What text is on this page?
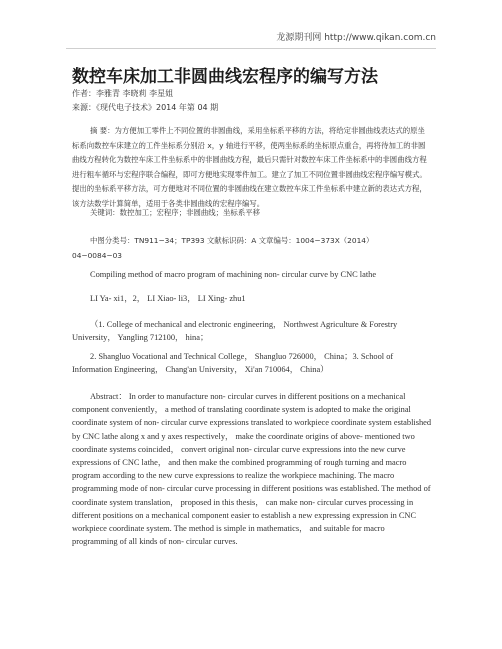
龙源期刊网 http://www.qikan.com.cn
数控车床加工非圆曲线宏程序的编写方法
作者：李雅青 李晓莉 李星姐
来源：《现代电子技术》2014 年第 04 期
摘 要：为方便加工零件上不同位置的非圆曲线，采用坐标系平移的方法，将给定非圆曲线表达式的原坐标系向数控车床建立的工件坐标系分别沿 x，y 轴进行平移，使两坐标系的坐标原点重合，再将待加工的非圆曲线方程转化为数控车床工件坐标系中的非圆曲线方程，最后只需针对数控车床工件坐标系中的非圆曲线方程进行粗车循环与宏程序联合编程，即可方便地实现零件加工。建立了加工不同位置非圆曲线宏程序编写模式。提出的坐标系平移方法，可方便地对不同位置的非圆曲线在建立数控车床工件坐标系中建立新的表达式方程，该方法数学计算简单，适用于各类非圆曲线的宏程序编写。
关键词：数控加工；宏程序；非圆曲线；坐标系平移
中图分类号：TN911−34；TP393 文献标识码：A 文章编号：1004−373X（2014）
04−0084−03
Compiling method of macro program of machining non- circular curve by CNC lathe
LI Ya- xi1，2， LI Xiao- li3， LI Xing- zhu1
（1. College of mechanical and electronic engineering， Northwest Agriculture & Forestry University， Yangling 712100， hina；
2. Shangluo Vocational and Technical College， Shangluo 726000， China；3. School of Information Engineering， Chang'an University， Xi'an 710064， China）
Abstract： In order to manufacture non- circular curves in different positions on a mechanical component conveniently， a method of translating coordinate system is adopted to make the original coordinate system of non- circular curve expressions translated to workpiece coordinate system established by CNC lathe along x and y axes respectively， make the coordinate origins of above- mentioned two coordinate systems coincided， convert original non- circular curve expressions into the new curve expressions of CNC lathe， and then make the combined programming of rough turning and macro program according to the new curve expressions to realize the workpiece machining. The macro programming mode of non- circular curve processing in different positions was established. The method of coordinate system translation， proposed in this thesis， can make non- circular curves processing in different positions on a mechanical component easier to establish a new expressing expression in CNC workpiece coordinate system. The method is simple in mathematics， and suitable for macro programming of all kinds of non- circular curves.
